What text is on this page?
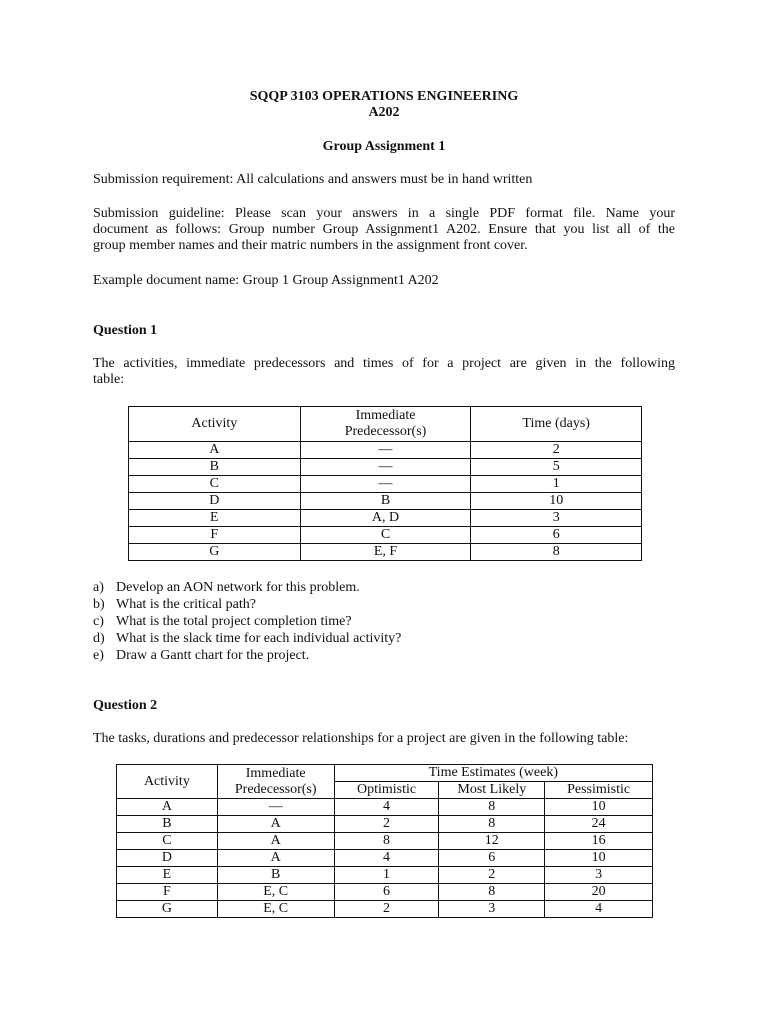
SQQP 3103 OPERATIONS ENGINEERING
A202
Group Assignment 1
Submission requirement: All calculations and answers must be in hand written
Submission guideline: Please scan your answers in a single PDF format file. Name your
document as follows: Group number Group Assignment1 A202. Ensure that you list all of the
group member names and their matric numbers in the assignment front cover.
Example document name: Group 1 Group Assignment1 A202
Question 1
The activities, immediate predecessors and times of for a project are given in the following
table:
Activity	Immediate
Predecessor(s)	Time (days)
A	—	2
B	—	5
C	—	1
D	B	10
E	A, D	3
F	C	6
G	E, F	8
a) Develop an AON network for this problem.
b) What is the critical path?
c) What is the total project completion time?
d) What is the slack time for each individual activity?
e) Draw a Gantt chart for the project.
Question 2
The tasks, durations and predecessor relationships for a project are given in the following table:
Activity	Immediate
Predecessor(s)	Time Estimates (week)		
		Optimistic	Most Likely	Pessimistic
A	—	4	8	10
B	A	2	8	24
C	A	8	12	16
D	A	4	6	10
E	B	1	2	3
F	E, C	6	8	20
G	E, C	2	3	4
